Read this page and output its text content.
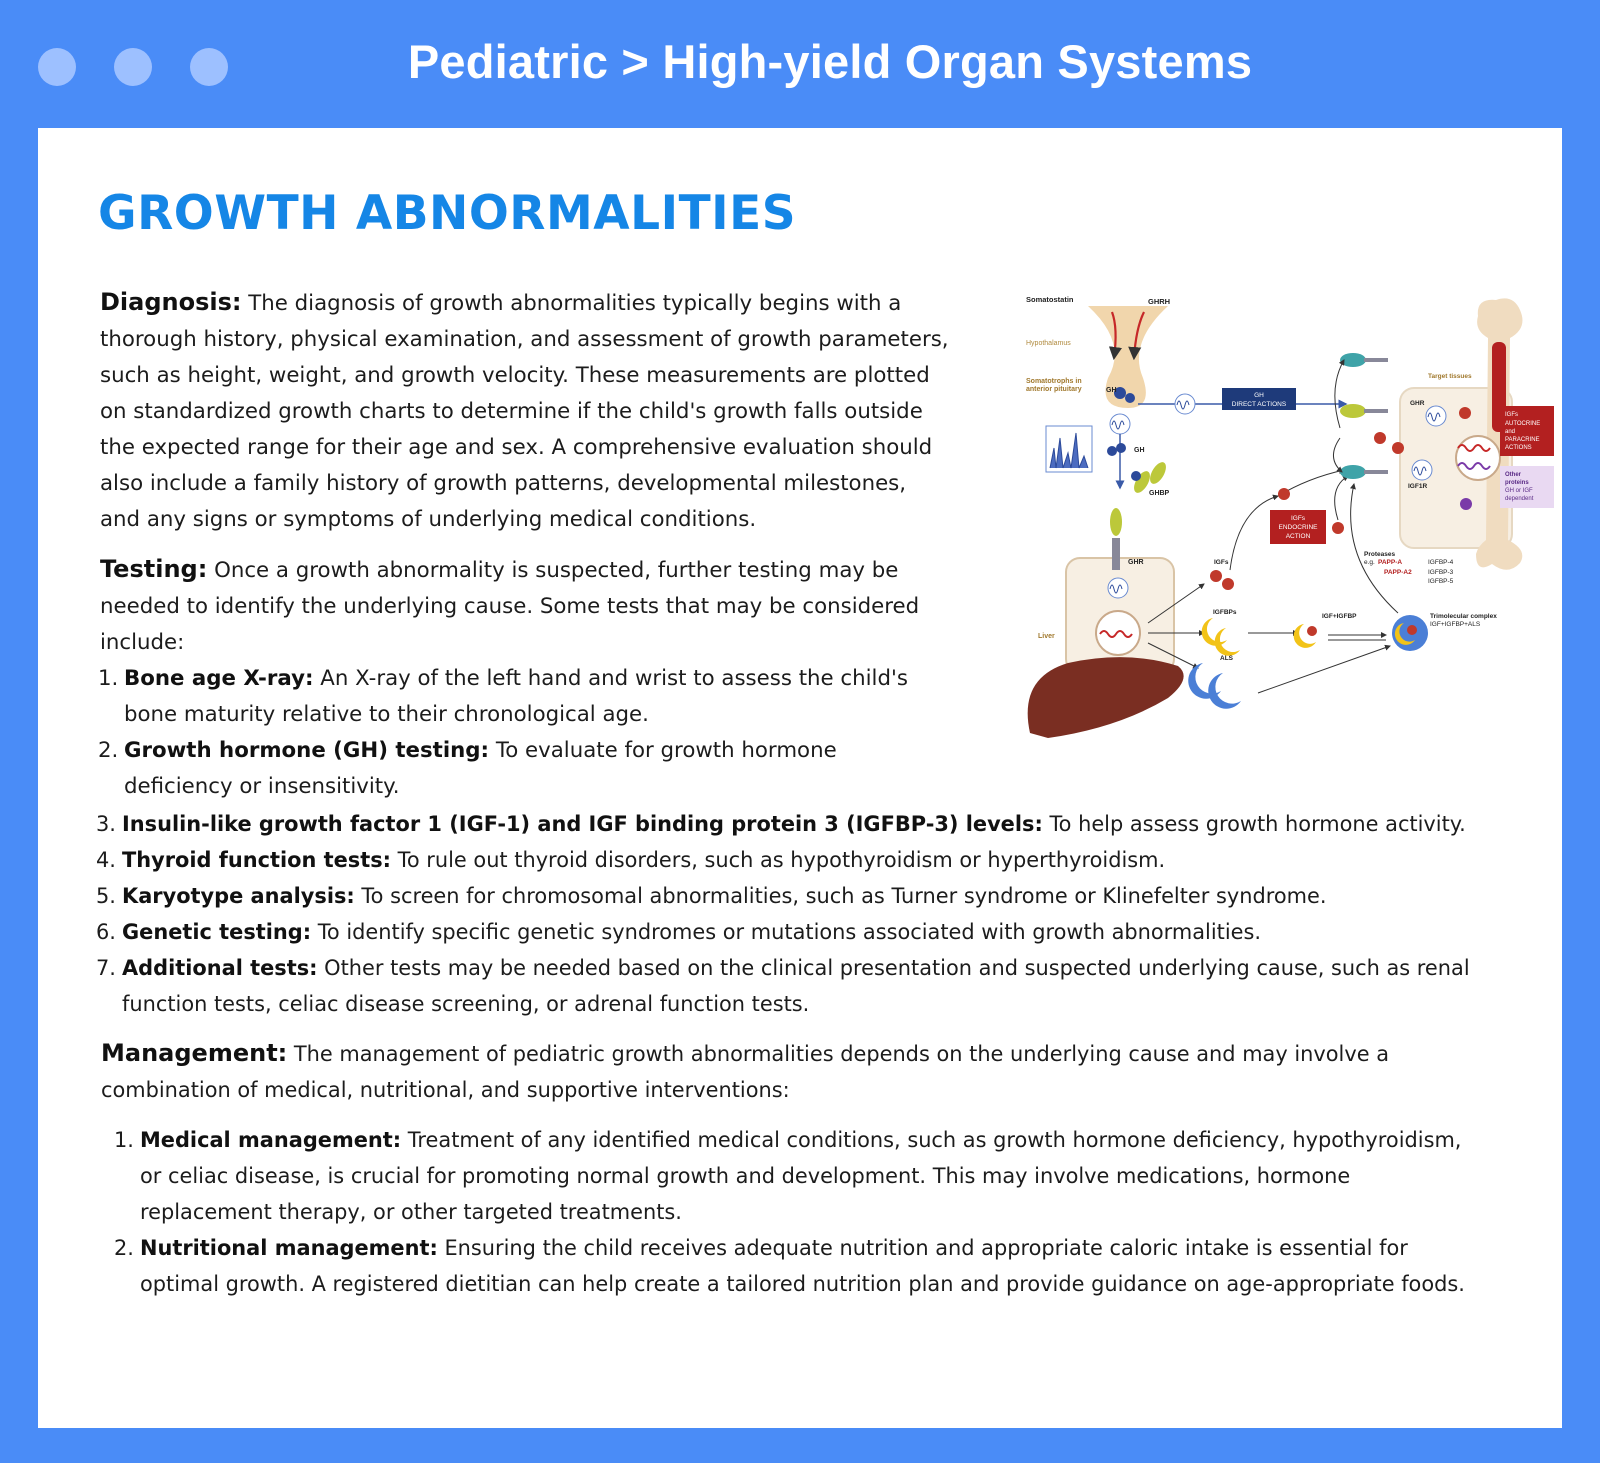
Pediatric > High-yield Organ Systems
GROWTH ABNORMALITIES
Diagnosis: The diagnosis of growth abnormalities typically begins with a
thorough history, physical examination, and assessment of growth parameters,
such as height, weight, and growth velocity. These measurements are plotted
on standardized growth charts to determine if the child's growth falls outside
the expected range for their age and sex. A comprehensive evaluation should
also include a family history of growth patterns, developmental milestones,
and any signs or symptoms of underlying medical conditions.
Testing: Once a growth abnormality is suspected, further testing may be
needed to identify the underlying cause. Some tests that may be considered
include:
1. Bone age X-ray: An X-ray of the left hand and wrist to assess the child's
bone maturity relative to their chronological age.
2. Growth hormone (GH) testing: To evaluate for growth hormone
deficiency or insensitivity.
3. Insulin-like growth factor 1 (IGF-1) and IGF binding protein 3 (IGFBP-3) levels: To help assess growth hormone activity.
4. Thyroid function tests: To rule out thyroid disorders, such as hypothyroidism or hyperthyroidism.
5. Karyotype analysis: To screen for chromosomal abnormalities, such as Turner syndrome or Klinefelter syndrome.
6. Genetic testing: To identify specific genetic syndromes or mutations associated with growth abnormalities.
7. Additional tests: Other tests may be needed based on the clinical presentation and suspected underlying cause, such as renal
function tests, celiac disease screening, or adrenal function tests.
Management: The management of pediatric growth abnormalities depends on the underlying cause and may involve a
combination of medical, nutritional, and supportive interventions:
1. Medical management: Treatment of any identified medical conditions, such as growth hormone deficiency, hypothyroidism,
or celiac disease, is crucial for promoting normal growth and development. This may involve medications, hormone
replacement therapy, or other targeted treatments.
2. Nutritional management: Ensuring the child receives adequate nutrition and appropriate caloric intake is essential for
optimal growth. A registered dietitian can help create a tailored nutrition plan and provide guidance on age-appropriate foods.
Somatostatin	GHRH
Hypothalamus
Somatotrophs in
anterior pituitary	GH
GH
GHBP
GH
DIRECT ACTIONS
GHR
Liver
IGFs
IGFBPs
ALS
IGF+IGFBP	Trimolecular complex
IGF+IGFBP+ALS
IGFs
ENDOCRINE
ACTION
Proteases
e.g. PAPP-A
PAPP-A2
IGFBP-4
IGFBP-3
IGFBP-5
Target tissues
GHR
IGF1R
IGFs
AUTOCRINE
and
PARACRINE
ACTIONS
Other
proteins
GH or IGF
dependent
